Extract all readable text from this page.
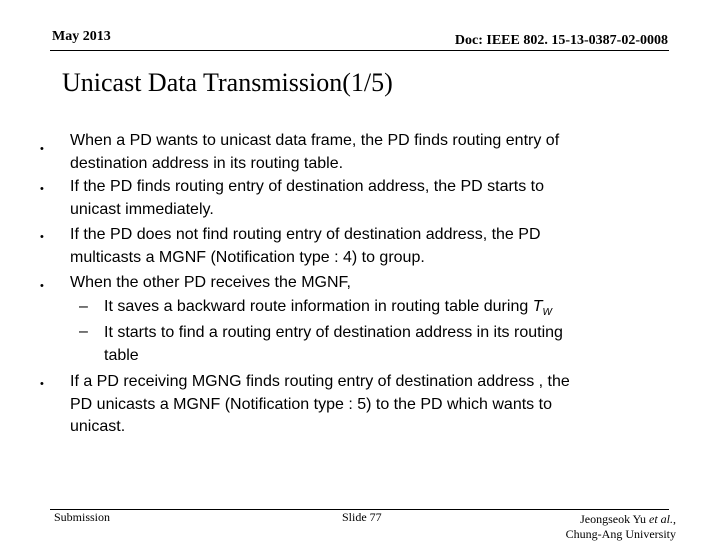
May 2013	Doc: IEEE 802. 15-13-0387-02-0008
Unicast Data Transmission(1/5)
• When a PD wants to unicast data frame, the PD finds routing entry of
destination address in its routing table.
• If the PD finds routing entry of destination address, the PD starts to
unicast immediately.
• If the PD does not find routing entry of destination address, the PD
multicasts a MGNF (Notification type : 4) to group.
• When the other PD receives the MGNF,
– It saves a backward route information in routing table during $T_W$
– It starts to find a routing entry of destination address in its routing
table
• If a PD receiving MGNG finds routing entry of destination address , the
PD unicasts a MGNF (Notification type : 5) to the PD which wants to
unicast.
Submission	Slide 77	Jeongseok Yu et al.,
Chung-Ang University
